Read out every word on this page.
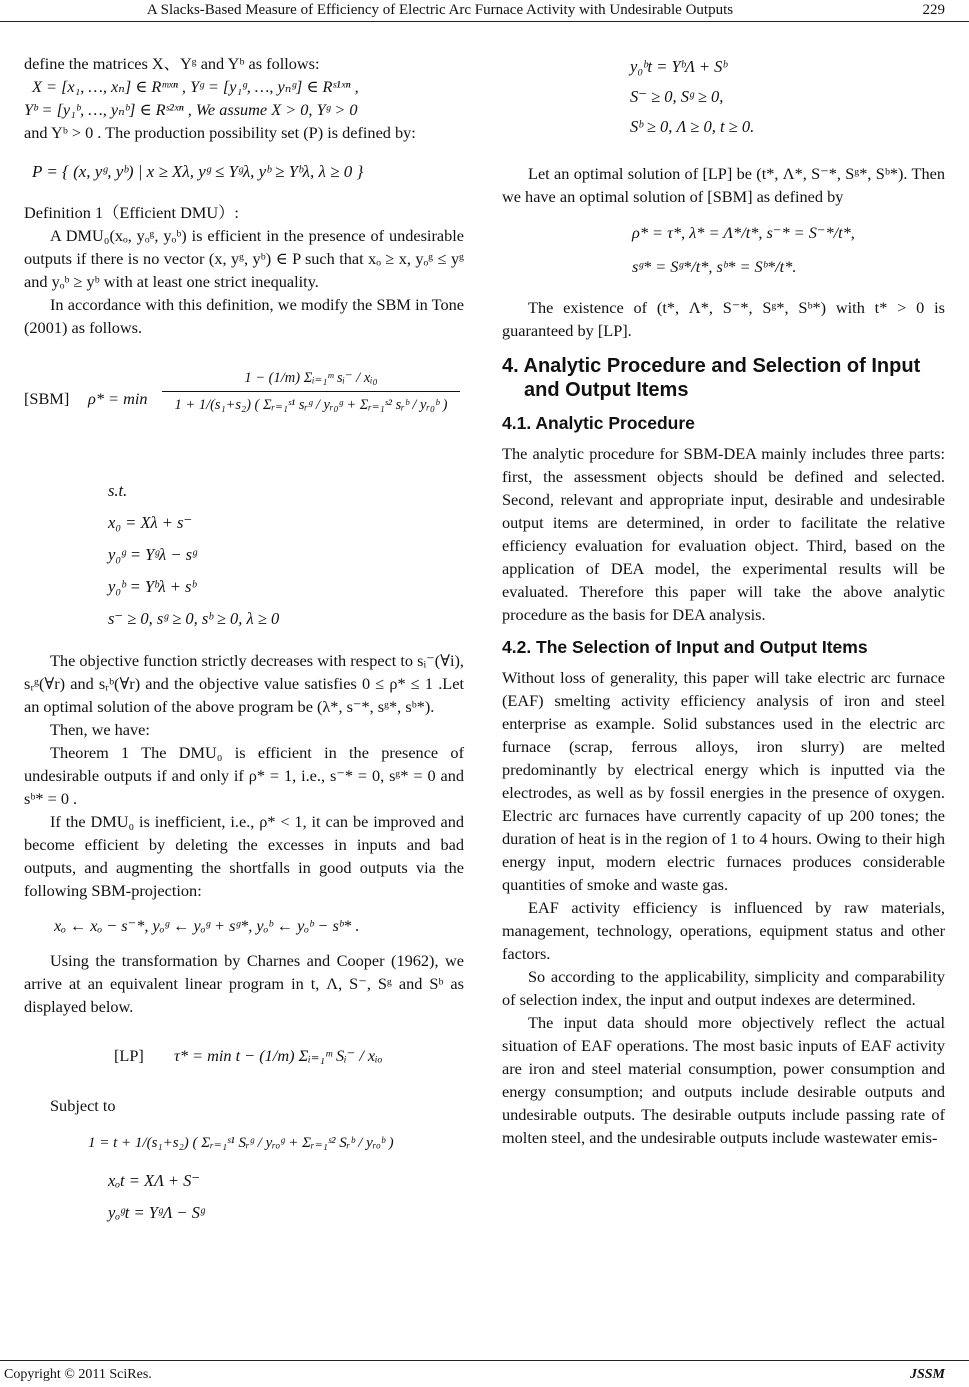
A Slacks-Based Measure of Efficiency of Electric Arc Furnace Activity with Undesirable Outputs	229

define the matrices X、Yᵍ and Yᵇ as follows:

X = [x₁, …, xₙ] ∈ Rᵐˣⁿ , Yᵍ = [y₁ᵍ, …, yₙᵍ] ∈ Rˢ¹ˣⁿ ,

Yᵇ = [y₁ᵇ, …, yₙᵇ] ∈ Rˢ²ˣⁿ , We assume X > 0, Yᵍ > 0

and Yᵇ > 0 . The production possibility set (P) is defined by:

P = { (x, yᵍ, yᵇ) | x ≥ Xλ, yᵍ ≤ Yᵍλ, yᵇ ≥ Yᵇλ, λ ≥ 0 }

Definition 1（Efficient DMU）:

A DMU₀(xₒ, yₒᵍ, yₒᵇ) is efficient in the presence of undesirable outputs if there is no vector (x, yᵍ, yᵇ) ∈ P such that xₒ ≥ x, yₒᵍ ≤ yᵍ and yₒᵇ ≥ yᵇ with at least one strict inequality.

In accordance with this definition, we modify the SBM in Tone (2001) as follows.

[SBM] ρ* = min
1 − (1/m) Σᵢ₌₁ᵐ sᵢ⁻ / xᵢ₀
1 + 1/(s₁+s₂) ( Σᵣ₌₁ˢ¹ sᵣᵍ / yᵣ₀ᵍ + Σᵣ₌₁ˢ² sᵣᵇ / yᵣ₀ᵇ )
s.t.
x₀ = Xλ + s⁻
y₀ᵍ = Yᵍλ − sᵍ
y₀ᵇ = Yᵇλ + sᵇ
s⁻ ≥ 0, sᵍ ≥ 0, sᵇ ≥ 0, λ ≥ 0

The objective function strictly decreases with respect to sᵢ⁻(∀i), sᵣᵍ(∀r) and sᵣᵇ(∀r) and the objective value satisfies 0 ≤ ρ* ≤ 1 .Let an optimal solution of the above program be (λ*, s⁻*, sᵍ*, sᵇ*).

Then, we have:

Theorem 1 The DMU₀ is efficient in the presence of undesirable outputs if and only if ρ* = 1, i.e., s⁻* = 0, sᵍ* = 0 and sᵇ* = 0 .

If the DMU₀ is inefficient, i.e., ρ* < 1, it can be improved and become efficient by deleting the excesses in inputs and bad outputs, and augmenting the shortfalls in good outputs via the following SBM-projection:

xₒ ← xₒ − s⁻*, yₒᵍ ← yₒᵍ + sᵍ*, yₒᵇ ← yₒᵇ − sᵇ* .

Using the transformation by Charnes and Cooper (1962), we arrive at an equivalent linear program in t, Λ, S⁻, Sᵍ and Sᵇ as displayed below.

[LP] τ* = min t − (1/m) Σᵢ₌₁ᵐ Sᵢ⁻ / xᵢₒ

Subject to

1 = t + 1/(s₁+s₂) ( Σᵣ₌₁ˢ¹ Sᵣᵍ / yᵣₒᵍ + Σᵣ₌₁ˢ² Sᵣᵇ / yᵣₒᵇ )
xₒt = XΛ + S⁻
yₒᵍt = YᵍΛ − Sᵍ
y₀ᵇt = YᵇΛ + Sᵇ
S⁻ ≥ 0, Sᵍ ≥ 0,
Sᵇ ≥ 0, Λ ≥ 0, t ≥ 0.

Let an optimal solution of [LP] be (t*, Λ*, S⁻*, Sᵍ*, Sᵇ*). Then we have an optimal solution of [SBM] as defined by

ρ* = τ*, λ* = Λ*/t*, s⁻* = S⁻*/t*,
sᵍ* = Sᵍ*/t*, sᵇ* = Sᵇ*/t*.

The existence of (t*, Λ*, S⁻*, Sᵍ*, Sᵇ*) with t* > 0 is guaranteed by [LP].

4. Analytic Procedure and Selection of Input
and Output Items
4.1. Analytic Procedure

The analytic procedure for SBM-DEA mainly includes three parts: first, the assessment objects should be defined and selected. Second, relevant and appropriate input, desirable and undesirable output items are determined, in order to facilitate the relative efficiency evaluation for evaluation object. Third, based on the application of DEA model, the experimental results will be evaluated. Therefore this paper will take the above analytic procedure as the basis for DEA analysis.

4.2. The Selection of Input and Output Items

Without loss of generality, this paper will take electric arc furnace (EAF) smelting activity efficiency analysis of iron and steel enterprise as example. Solid substances used in the electric arc furnace (scrap, ferrous alloys, iron slurry) are melted predominantly by electrical energy which is inputted via the electrodes, as well as by fossil energies in the presence of oxygen. Electric arc furnaces have currently capacity of up 200 tones; the duration of heat is in the region of 1 to 4 hours. Owing to their high energy input, modern electric furnaces produces considerable quantities of smoke and waste gas.

EAF activity efficiency is influenced by raw materials, management, technology, operations, equipment status and other factors.

So according to the applicability, simplicity and comparability of selection index, the input and output indexes are determined.

The input data should more objectively reflect the actual situation of EAF operations. The most basic inputs of EAF activity are iron and steel material consumption, power consumption and energy consumption; and outputs include desirable outputs and undesirable outputs. The desirable outputs include passing rate of molten steel, and the undesirable outputs include wastewater emis-

Copyright © 2011 SciRes.	JSSM
